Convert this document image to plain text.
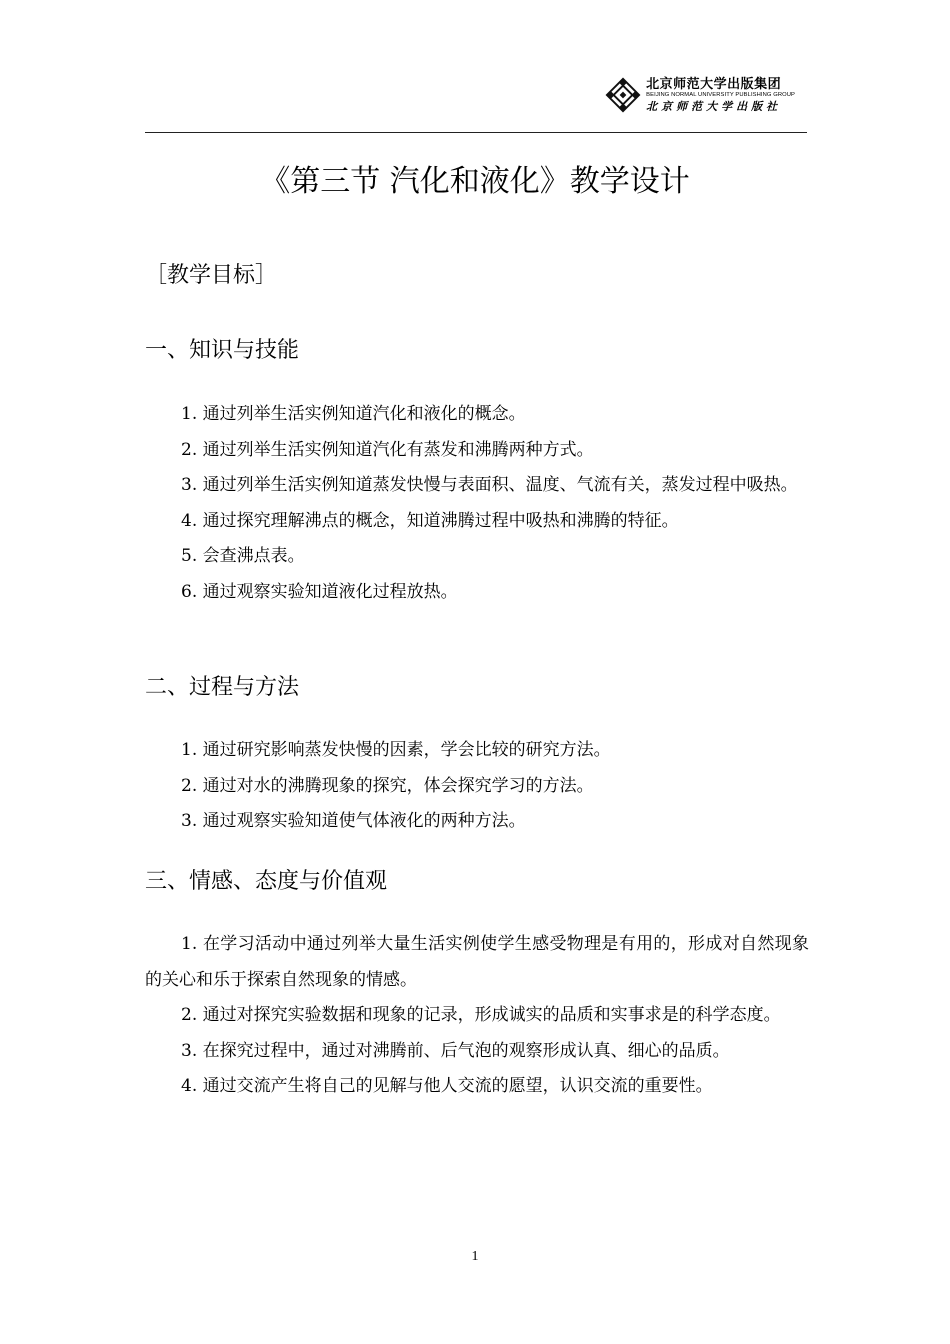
北京师范大学出版集团
BEIJING NORMAL UNIVERSITY PUBLISHING GROUP
北京师范大学出版社
《第三节 汽化和液化》教学设计

［教学目标］

一、知识与技能
1. 通过列举生活实例知道汽化和液化的概念。
2. 通过列举生活实例知道汽化有蒸发和沸腾两种方式。
3. 通过列举生活实例知道蒸发快慢与表面积、温度、气流有关，蒸发过程中吸热。
4. 通过探究理解沸点的概念，知道沸腾过程中吸热和沸腾的特征。
5. 会查沸点表。
6. 通过观察实验知道液化过程放热。
二、过程与方法
1. 通过研究影响蒸发快慢的因素，学会比较的研究方法。
2. 通过对水的沸腾现象的探究，体会探究学习的方法。
3. 通过观察实验知道使气体液化的两种方法。
三、情感、态度与价值观
1. 在学习活动中通过列举大量生活实例使学生感受物理是有用的，形成对自然现象的关心和乐于探索自然现象的情感。
2. 通过对探究实验数据和现象的记录，形成诚实的品质和实事求是的科学态度。
3. 在探究过程中，通过对沸腾前、后气泡的观察形成认真、细心的品质。
4. 通过交流产生将自己的见解与他人交流的愿望，认识交流的重要性。
1
